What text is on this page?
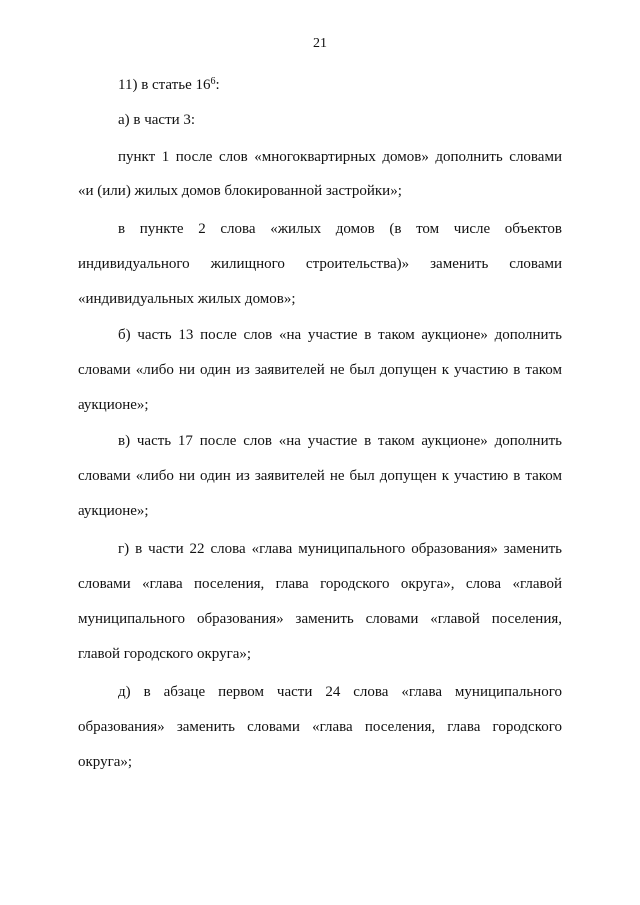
21
11) в статье $16^6$:
а) в части 3:
пункт 1 после слов «многоквартирных домов» дополнить словами
«и (или) жилых домов блокированной застройки»;
в пункте 2 слова «жилых домов (в том числе объектов
индивидуального жилищного строительства)» заменить словами
«индивидуальных жилых домов»;
б) часть 13 после слов «на участие в таком аукционе» дополнить
словами «либо ни один из заявителей не был допущен к участию в таком
аукционе»;
в) часть 17 после слов «на участие в таком аукционе» дополнить
словами «либо ни один из заявителей не был допущен к участию в таком
аукционе»;
г) в части 22 слова «глава муниципального образования» заменить
словами «глава поселения, глава городского округа», слова «главой
муниципального образования» заменить словами «главой поселения,
главой городского округа»;
д) в абзаце первом части 24 слова «глава муниципального
образования» заменить словами «глава поселения, глава городского
округа»;
